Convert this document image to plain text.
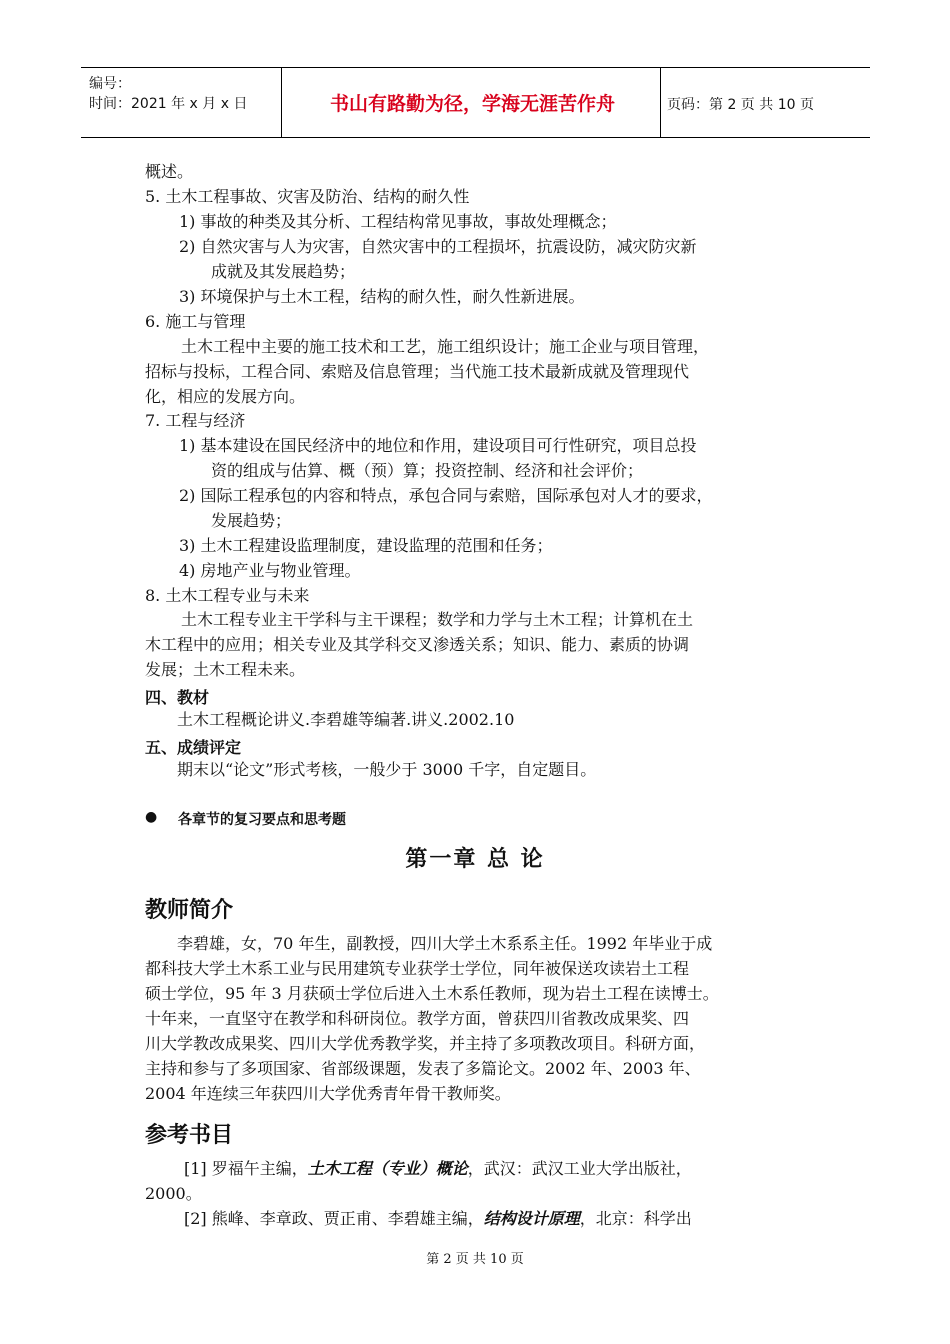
编号：
时间：2021 年 x 月 x 日	书山有路勤为径，学海无涯苦作舟	页码：第 2 页 共 10 页
概述。
5. 土木工程事故、灾害及防治、结构的耐久性
1) 事故的种类及其分析、工程结构常见事故，事故处理概念；
2) 自然灾害与人为灾害，自然灾害中的工程损坏，抗震设防，减灾防灾新
成就及其发展趋势；
3) 环境保护与土木工程，结构的耐久性，耐久性新进展。
6. 施工与管理
土木工程中主要的施工技术和工艺，施工组织设计；施工企业与项目管理，
招标与投标，工程合同、索赔及信息管理；当代施工技术最新成就及管理现代
化，相应的发展方向。
7. 工程与经济
1) 基本建设在国民经济中的地位和作用，建设项目可行性研究，项目总投
资的组成与估算、概（预）算；投资控制、经济和社会评价；
2) 国际工程承包的内容和特点，承包合同与索赔，国际承包对人才的要求，
发展趋势；
3) 土木工程建设监理制度，建设监理的范围和任务；
4) 房地产业与物业管理。
8. 土木工程专业与未来
土木工程专业主干学科与主干课程；数学和力学与土木工程；计算机在土
木工程中的应用；相关专业及其学科交叉渗透关系；知识、能力、素质的协调
发展；土木工程未来。
四、教材
土木工程概论讲义.李碧雄等编著.讲义.2002.10
五、成绩评定
期末以“论文”形式考核，一般少于 3000 千字，自定题目。
● 各章节的复习要点和思考题
第一章 总 论
教师简介
李碧雄，女，70 年生，副教授，四川大学土木系系主任。1992 年毕业于成
都科技大学土木系工业与民用建筑专业获学士学位，同年被保送攻读岩土工程
硕士学位，95 年 3 月获硕士学位后进入土木系任教师，现为岩土工程在读博士。
十年来，一直坚守在教学和科研岗位。教学方面，曾获四川省教改成果奖、四
川大学教改成果奖、四川大学优秀教学奖，并主持了多项教改项目。科研方面，
主持和参与了多项国家、省部级课题，发表了多篇论文。2002 年、2003 年、
2004 年连续三年获四川大学优秀青年骨干教师奖。
参考书目
[1] 罗福午主编，土木工程（专业）概论，武汉：武汉工业大学出版社，
2000。
[2] 熊峰、李章政、贾正甫、李碧雄主编，结构设计原理，北京：科学出
第 2 页 共 10 页
